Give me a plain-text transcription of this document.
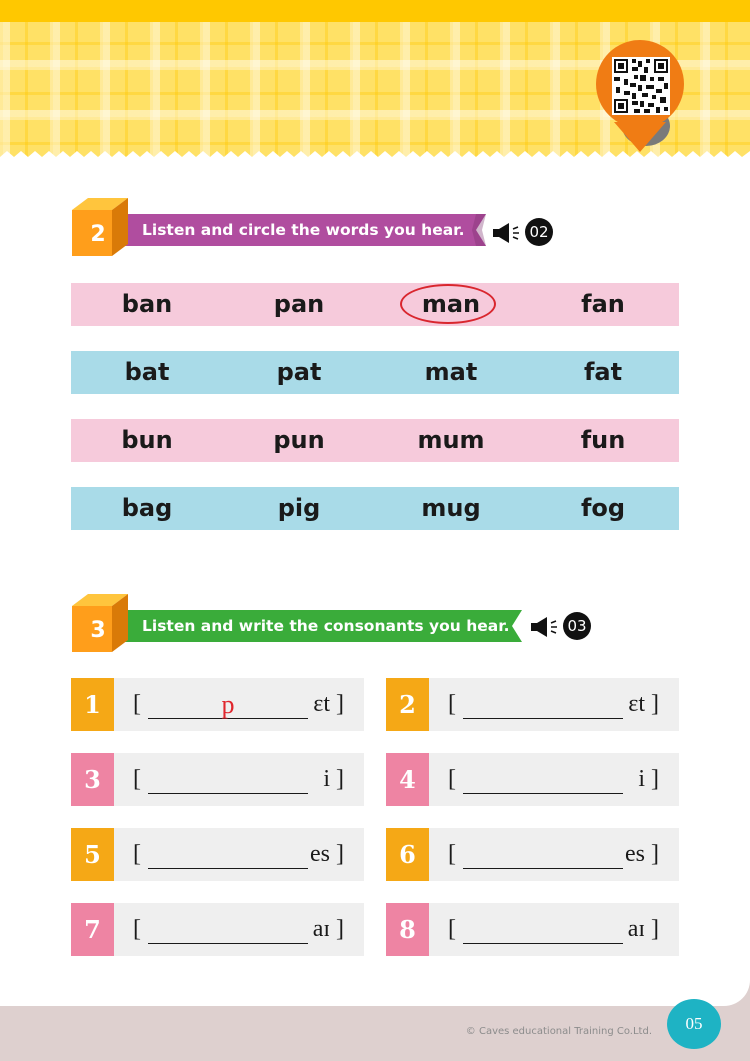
2 Listen and circle the words you hear.	02
ban	pan	man	fan
bat	pat	mat	fat
bun	pun	mum	fun
bag	pig	mug	fog
3 Listen and write the consonants you hear.	03
1	[	p	ɛt ]	2	[	ɛt ]
3	[	i ]	4	[	i ]
5	[	es ]	6	[	es ]
7	[	aɪ ]	8	[	aɪ ]
© Caves educational Training Co.Ltd.	05
